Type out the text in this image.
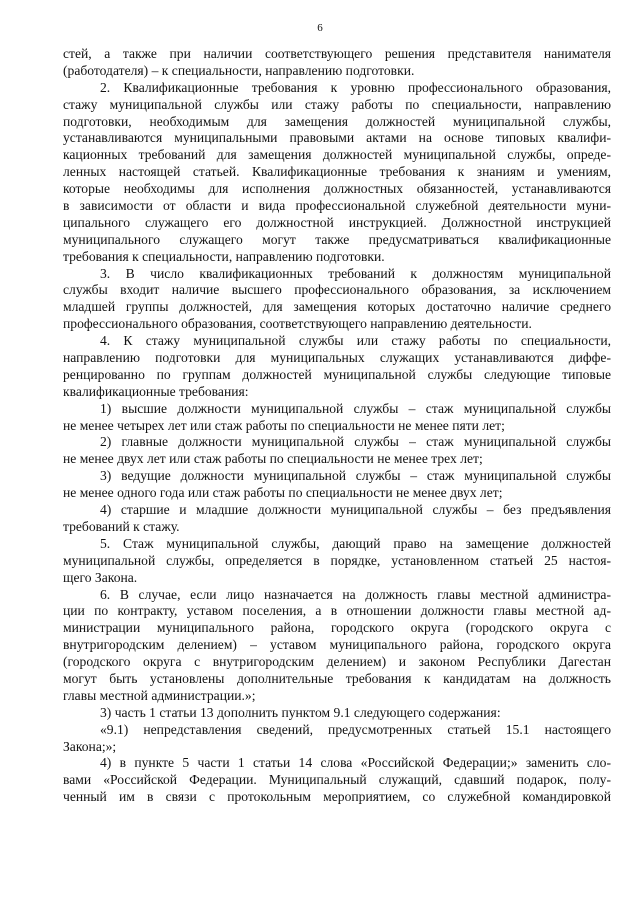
6
стей, а также при наличии соответствующего решения представителя нанимателя
(работодателя) – к специальности, направлению подготовки.
2. Квалификационные требования к уровню профессионального образования,
стажу муниципальной службы или стажу работы по специальности, направлению
подготовки, необходимым для замещения должностей муниципальной службы,
устанавливаются муниципальными правовыми актами на основе типовых квалифи-
кационных требований для замещения должностей муниципальной службы, опреде-
ленных настоящей статьей. Квалификационные требования к знаниям и умениям,
которые необходимы для исполнения должностных обязанностей, устанавливаются
в зависимости от области и вида профессиональной служебной деятельности муни-
ципального служащего его должностной инструкцией. Должностной инструкцией
муниципального служащего могут также предусматриваться квалификационные
требования к специальности, направлению подготовки.
3. В число квалификационных требований к должностям муниципальной
службы входит наличие высшего профессионального образования, за исключением
младшей группы должностей, для замещения которых достаточно наличие среднего
профессионального образования, соответствующего направлению деятельности.
4. К стажу муниципальной службы или стажу работы по специальности,
направлению подготовки для муниципальных служащих устанавливаются диффе-
ренцированно по группам должностей муниципальной службы следующие типовые
квалификационные требования:
1) высшие должности муниципальной службы – стаж муниципальной службы
не менее четырех лет или стаж работы по специальности не менее пяти лет;
2) главные должности муниципальной службы – стаж муниципальной службы
не менее двух лет или стаж работы по специальности не менее трех лет;
3) ведущие должности муниципальной службы – стаж муниципальной службы
не менее одного года или стаж работы по специальности не менее двух лет;
4) старшие и младшие должности муниципальной службы – без предъявления
требований к стажу.
5. Стаж муниципальной службы, дающий право на замещение должностей
муниципальной службы, определяется в порядке, установленном статьей 25 настоя-
щего Закона.
6. В случае, если лицо назначается на должность главы местной администра-
ции по контракту, уставом поселения, а в отношении должности главы местной ад-
министрации муниципального района, городского округа (городского округа с
внутригородским делением) – уставом муниципального района, городского округа
(городского округа с внутригородским делением) и законом Республики Дагестан
могут быть установлены дополнительные требования к кандидатам на должность
главы местной администрации.»;
3) часть 1 статьи 13 дополнить пунктом 9.1 следующего содержания:
«9.1) непредставления сведений, предусмотренных статьей 15.1 настоящего
Закона;»;
4) в пункте 5 части 1 статьи 14 слова «Российской Федерации;» заменить сло-
вами «Российской Федерации. Муниципальный служащий, сдавший подарок, полу-
ченный им в связи с протокольным мероприятием, со служебной командировкой
